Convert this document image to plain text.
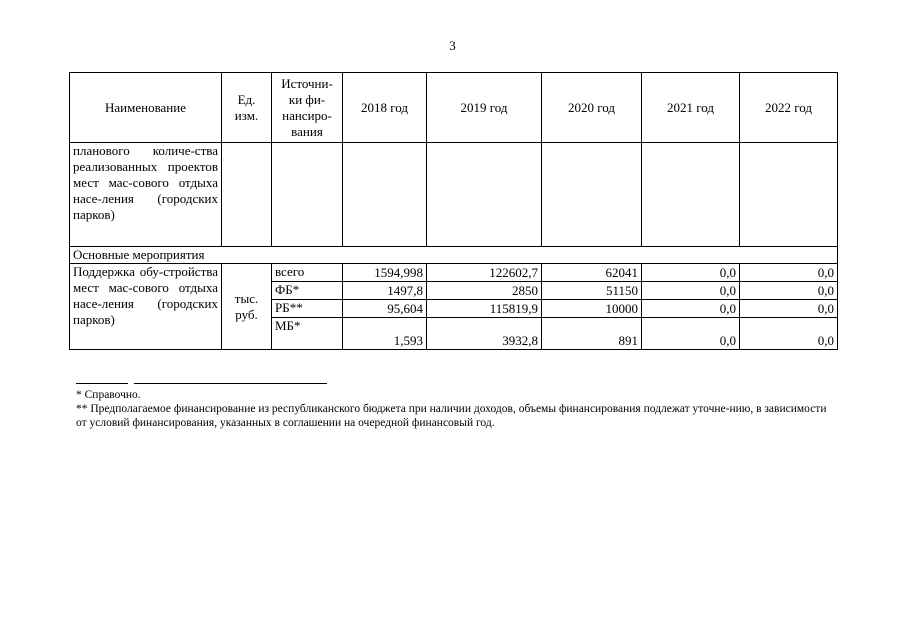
3
Наименование	Ед. изм.	Источни-ки фи-нансиро-вания	2018 год	2019 год	2020 год	2021 год	2022 год
планового количе-ства реализованных проектов мест мас-сового отдыха насе-ления (городских парков)							
Основные мероприятия							
Поддержка обу-стройства мест мас-сового отдыха насе-ления (городских парков)	тыс. руб.	всего	1594,998	122602,7	62041	0,0	0,0
		ФБ*	1497,8	2850	51150	0,0	0,0
		РБ**	95,604	115819,9	10000	0,0	0,0
		МБ*	1,593	3932,8	891	0,0	0,0

* Справочно.

** Предполагаемое финансирование из республиканского бюджета при наличии доходов, объемы финансирования подлежат уточне-нию, в зависимости от условий финансирования, указанных в соглашении на очередной финансовый год.
